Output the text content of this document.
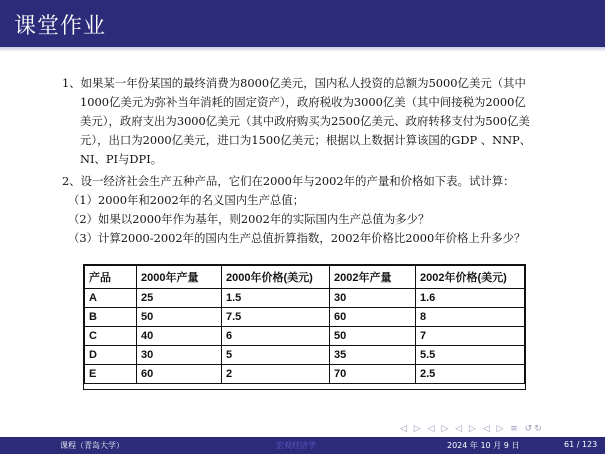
课堂作业
1、如果某一年份某国的最终消费为8000亿美元，国内私人投资的总额为5000亿美元（其中
1000亿美元为弥补当年消耗的固定资产），政府税收为3000亿美（其中间接税为2000亿
美元），政府支出为3000亿美元（其中政府购买为2500亿美元、政府转移支付为500亿美
元），出口为2000亿美元，进口为1500亿美元；根据以上数据计算该国的GDP 、NNP、
NI、PI与DPI。
2、设一经济社会生产五种产品，它们在2000年与2002年的产量和价格如下表。试计算：
（1）2000年和2002年的名义国内生产总值；
（2）如果以2000年作为基年，则2002年的实际国内生产总值为多少？
（3）计算2000-2002年的国内生产总值折算指数，2002年价格比2000年价格上升多少？
产品	2000年产量	2000年价格(美元)	2002年产量	2002年价格(美元)
A	25	1.5	30	1.6
B	50	7.5	60	8
C	40	6	50	7
D	30	5	35	5.5
E	60	2	70	2.5
◁ ▷ ◁ ▷ ◁ ▷ ◁ ▷ ≡ ↺↻
课程（青岛大学）	宏观经济学	2024 年 10 月 9 日	61 / 123
